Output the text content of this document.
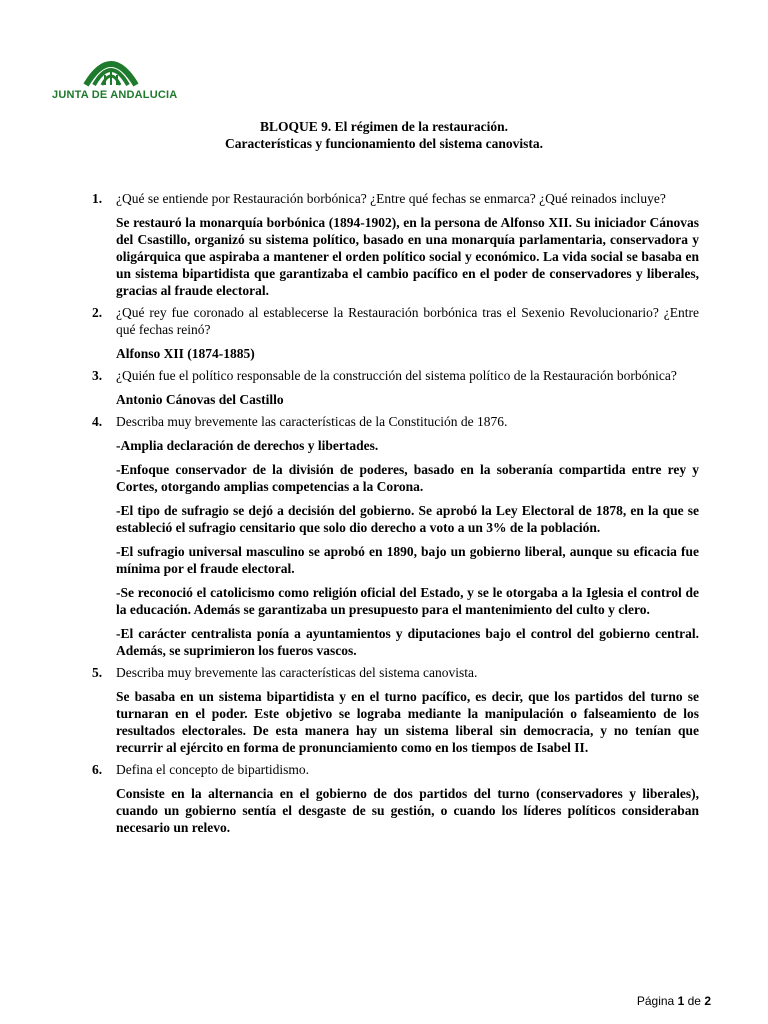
JUNTA DE ANDALUCIA
BLOQUE 9. El régimen de la restauración.
Características y funcionamiento del sistema canovista.
1. ¿Qué se entiende por Restauración borbónica? ¿Entre qué fechas se enmarca? ¿Qué reinados incluye?
Se restauró la monarquía borbónica (1894-1902), en la persona de Alfonso XII. Su iniciador Cánovas del Csastillo, organizó su sistema político, basado en una monarquía parlamentaria, conservadora y oligárquica que aspiraba a mantener el orden político social y económico. La vida social se basaba en un sistema bipartidista que garantizaba el cambio pacífico en el poder de conservadores y liberales, gracias al fraude electoral.
2. ¿Qué rey fue coronado al establecerse la Restauración borbónica tras el Sexenio Revolucionario? ¿Entre qué fechas reinó?
Alfonso XII (1874-1885)
3. ¿Quién fue el político responsable de la construcción del sistema político de la Restauración borbónica?
Antonio Cánovas del Castillo
4. Describa muy brevemente las características de la Constitución de 1876.
-Amplia declaración de derechos y libertades.
-Enfoque conservador de la división de poderes, basado en la soberanía compartida entre rey y Cortes, otorgando amplias competencias a la Corona.
-El tipo de sufragio se dejó a decisión del gobierno. Se aprobó la Ley Electoral de 1878, en la que se estableció el sufragio censitario que solo dio derecho a voto a un 3% de la población.
-El sufragio universal masculino se aprobó en 1890, bajo un gobierno liberal, aunque su eficacia fue mínima por el fraude electoral.
-Se reconoció el catolicismo como religión oficial del Estado, y se le otorgaba a la Iglesia el control de la educación. Además se garantizaba un presupuesto para el mantenimiento del culto y clero.
-El carácter centralista ponía a ayuntamientos y diputaciones bajo el control del gobierno central. Además, se suprimieron los fueros vascos.
5. Describa muy brevemente las características del sistema canovista.
Se basaba en un sistema bipartidista y en el turno pacífico, es decir, que los partidos del turno se turnaran en el poder. Este objetivo se lograba mediante la manipulación o falseamiento de los resultados electorales. De esta manera hay un sistema liberal sin democracia, y no tenían que recurrir al ejército en forma de pronunciamiento como en los tiempos de Isabel II.
6. Defina el concepto de bipartidismo.
Consiste en la alternancia en el gobierno de dos partidos del turno (conservadores y liberales), cuando un gobierno sentía el desgaste de su gestión, o cuando los líderes políticos consideraban necesario un relevo.
Página 1 de 2
